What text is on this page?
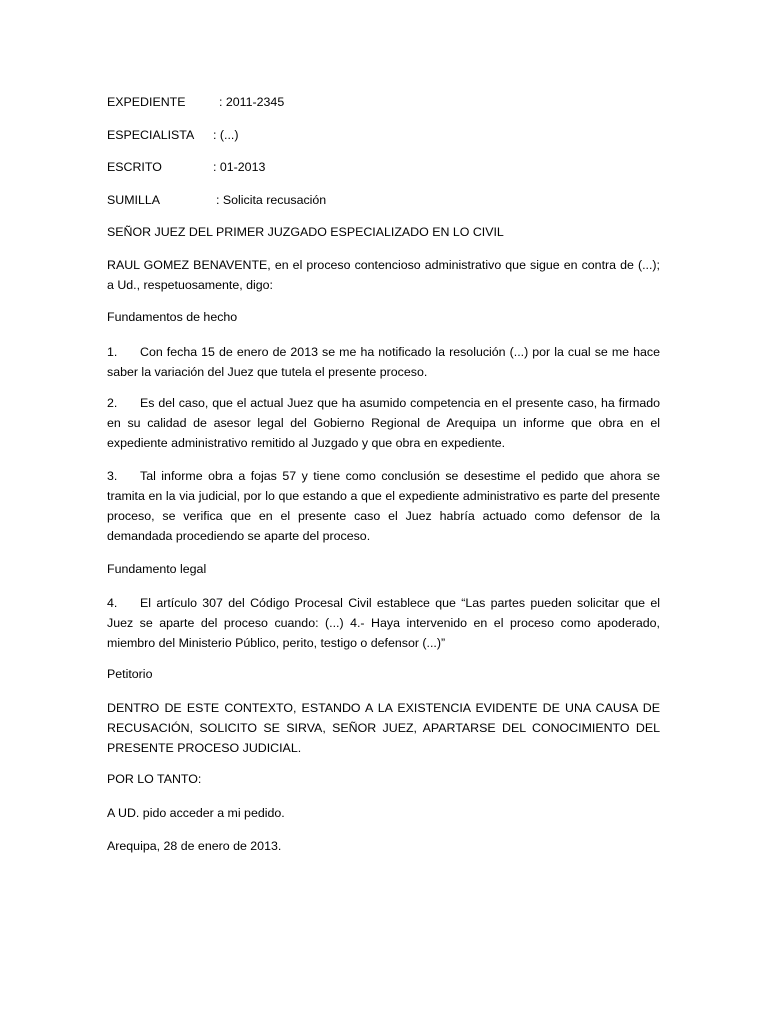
EXPEDIENTE	: 2011-2345
ESPECIALISTA : (...)
ESCRITO	: 01-2013
SUMILLA	: Solicita recusación
SEÑOR JUEZ DEL PRIMER JUZGADO ESPECIALIZADO EN LO CIVIL
RAUL GOMEZ BENAVENTE, en el proceso contencioso administrativo que sigue en contra de (...); a Ud., respetuosamente, digo:
Fundamentos de hecho
1. Con fecha 15 de enero de 2013 se me ha notificado la resolución (...) por la cual se me hace saber la variación del Juez que tutela el presente proceso.
2. Es del caso, que el actual Juez que ha asumido competencia en el presente caso, ha firmado en su calidad de asesor legal del Gobierno Regional de Arequipa un informe que obra en el expediente administrativo remitido al Juzgado y que obra en expediente.
3. Tal informe obra a fojas 57 y tiene como conclusión se desestime el pedido que ahora se tramita en la via judicial, por lo que estando a que el expediente administrativo es parte del presente proceso, se verifica que en el presente caso el Juez habría actuado como defensor de la demandada procediendo se aparte del proceso.
Fundamento legal
4. El artículo 307 del Código Procesal Civil establece que “Las partes pueden solicitar que el Juez se aparte del proceso cuando: (...) 4.- Haya intervenido en el proceso como apoderado, miembro del Ministerio Público, perito, testigo o defensor (...)”
Petitorio
DENTRO DE ESTE CONTEXTO, ESTANDO A LA EXISTENCIA EVIDENTE DE UNA CAUSA DE RECUSACIÓN, SOLICITO SE SIRVA, SEÑOR JUEZ, APARTARSE DEL CONOCIMIENTO DEL PRESENTE PROCESO JUDICIAL.
POR LO TANTO:
A UD. pido acceder a mi pedido.
Arequipa, 28 de enero de 2013.
